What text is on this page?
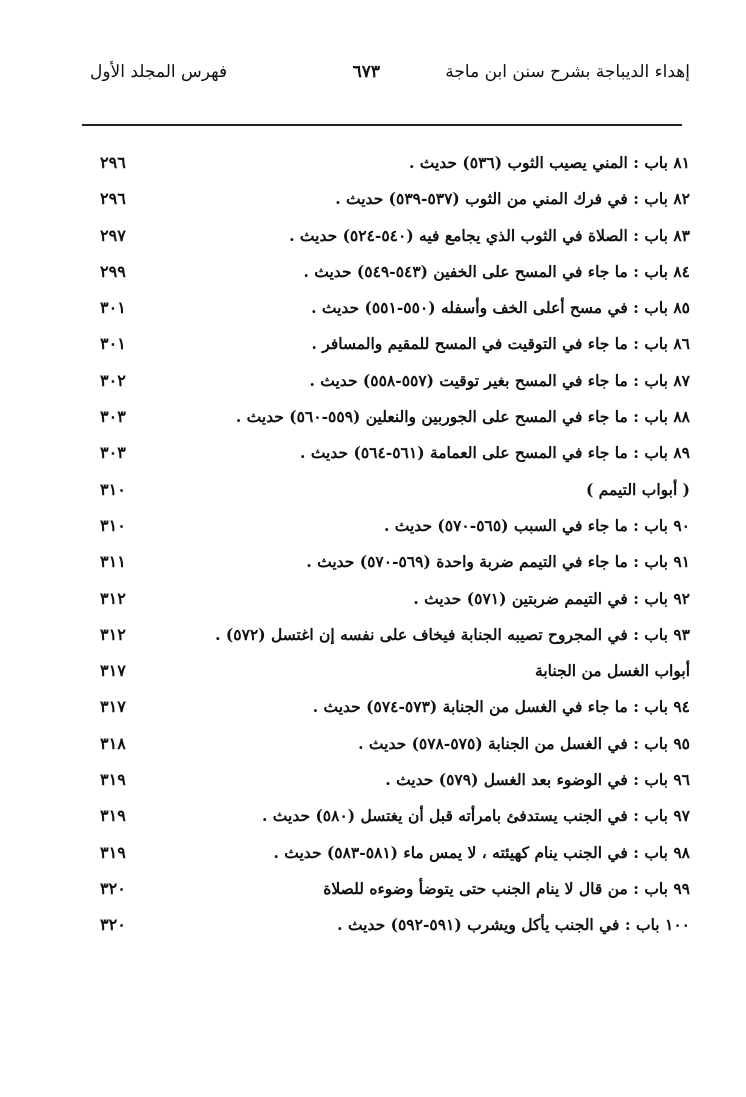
إهداء الديباجة بشرح سنن ابن ماجة
٦٧٣
فهرس المجلد الأول
٨١ باب : المني يصيب الثوب (٥٣٦) حديث .
٢٩٦
٨٢ باب : في فرك المني من الثوب (٥٣٧-٥٣٩) حديث .
٢٩٦
٨٣ باب : الصلاة في الثوب الذي يجامع فيه (٥٤٠-٥٢٤) حديث .
٢٩٧
٨٤ باب : ما جاء في المسح على الخفين (٥٤٣-٥٤٩) حديث .
٢٩٩
٨٥ باب : في مسح أعلى الخف وأسفله (٥٥٠-٥٥١) حديث .
٣٠١
٨٦ باب : ما جاء في التوقيت في المسح للمقيم والمسافر .
٣٠١
٨٧ باب : ما جاء في المسح بغير توقيت (٥٥٧-٥٥٨) حديث .
٣٠٢
٨٨ باب : ما جاء في المسح على الجوربين والنعلين (٥٥٩-٥٦٠) حديث .
٣٠٣
٨٩ باب : ما جاء في المسح على العمامة (٥٦١-٥٦٤) حديث .
٣٠٣
( أبواب التيمم )
٣١٠
٩٠ باب : ما جاء في السبب (٥٦٥-٥٧٠) حديث .
٣١٠
٩١ باب : ما جاء في التيمم ضربة واحدة (٥٦٩-٥٧٠) حديث .
٣١١
٩٢ باب : في التيمم ضربتين (٥٧١) حديث .
٣١٢
٩٣ باب : في المجروح تصيبه الجنابة فيخاف على نفسه إن اغتسل (٥٧٢) .
٣١٢
أبواب الغسل من الجنابة
٣١٧
٩٤ باب : ما جاء في الغسل من الجنابة (٥٧٣-٥٧٤) حديث .
٣١٧
٩٥ باب : في الغسل من الجنابة (٥٧٥-٥٧٨) حديث .
٣١٨
٩٦ باب : في الوضوء بعد الغسل (٥٧٩) حديث .
٣١٩
٩٧ باب : في الجنب يستدفئ بامرأته قبل أن يغتسل (٥٨٠) حديث .
٣١٩
٩٨ باب : في الجنب ينام كهيئته ، لا يمس ماء (٥٨١-٥٨٣) حديث .
٣١٩
٩٩ باب : من قال لا ينام الجنب حتى يتوضأ وضوءه للصلاة
٣٢٠
١٠٠ باب : في الجنب يأكل ويشرب (٥٩١-٥٩٢) حديث .
٣٢٠
